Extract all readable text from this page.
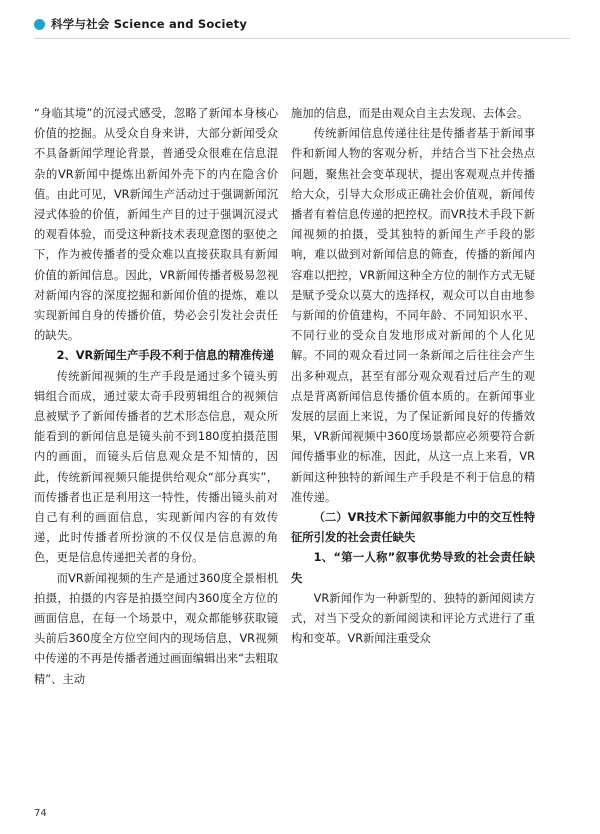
科学与社会 Science and Society

“身临其境”的沉浸式感受，忽略了新闻本身核心价值的挖掘。从受众自身来讲，大部分新闻受众不具备新闻学理论背景，普通受众很难在信息混杂的VR新闻中提炼出新闻外壳下的内在隐含价值。由此可见，VR新闻生产活动过于强调新闻沉浸式体验的价值，新闻生产目的过于强调沉浸式的观看体验，而受这种新技术表现意图的驱使之下，作为被传播者的受众难以直接获取具有新闻价值的新闻信息。因此，VR新闻传播者极易忽视对新闻内容的深度挖掘和新闻价值的提炼，难以实现新闻自身的传播价值，势必会引发社会责任的缺失。

2、VR新闻生产手段不利于信息的精准传递

传统新闻视频的生产手段是通过多个镜头剪辑组合而成，通过蒙太奇手段剪辑组合的视频信息被赋予了新闻传播者的艺术形态信息，观众所能看到的新闻信息是镜头前不到180度拍摄范围内的画面，而镜头后信息观众是不知情的，因此，传统新闻视频只能提供给观众“部分真实”，而传播者也正是利用这一特性，传播出镜头前对自己有利的画面信息，实现新闻内容的有效传递，此时传播者所扮演的不仅仅是信息源的角色，更是信息传递把关者的身份。

而VR新闻视频的生产是通过360度全景相机拍摄，拍摄的内容是拍摄空间内360度全方位的画面信息，在每一个场景中，观众都能够获取镜头前后360度全方位空间内的现场信息，VR视频中传递的不再是传播者通过画面编辑出来“去粗取精”、主动

施加的信息，而是由观众自主去发现、去体会。

传统新闻信息传递往往是传播者基于新闻事件和新闻人物的客观分析，并结合当下社会热点问题，聚焦社会变革现状，提出客观观点并传播给大众，引导大众形成正确社会价值观，新闻传播者有着信息传递的把控权。而VR技术手段下新闻视频的拍摄，受其独特的新闻生产手段的影响，难以做到对新闻信息的筛查，传播的新闻内容难以把控，VR新闻这种全方位的制作方式无疑是赋予受众以莫大的选择权，观众可以自由地参与新闻的价值建构，不同年龄、不同知识水平、不同行业的受众自发地形成对新闻的个人化见解。不同的观众看过同一条新闻之后往往会产生出多种观点，甚至有部分观众观看过后产生的观点是背离新闻信息传播价值本质的。在新闻事业发展的层面上来说，为了保证新闻良好的传播效果，VR新闻视频中360度场景都应必须要符合新闻传播事业的标准，因此，从这一点上来看，VR新闻这种独特的新闻生产手段是不利于信息的精准传递。

（二）VR技术下新闻叙事能力中的交互性特征所引发的社会责任缺失

1、“第一人称”叙事优势导致的社会责任缺失

VR新闻作为一种新型的、独特的新闻阅读方式，对当下受众的新闻阅读和评论方式进行了重构和变革。VR新闻注重受众

74
